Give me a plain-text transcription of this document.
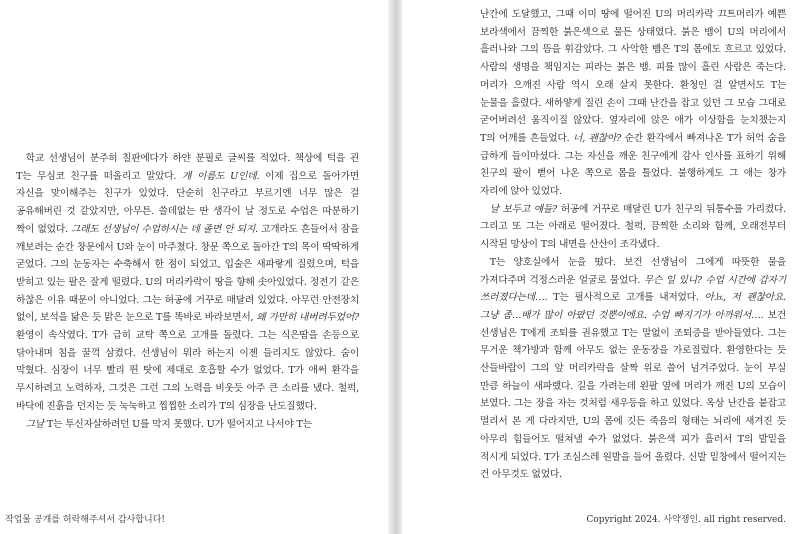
학교 선생님이 분주히 칠판에다가 하얀 분필로 글씨를 적었다. 책상에 턱을 괸 T는 무심코 친구를 떠올리고 말았다. 걔 이름도 U인데. 이제 집으로 돌아가면 자신을 맞이해주는 친구가 있었다. 단순히 친구라고 부르기엔 너무 많은 걸 공유해버린 것 같았지만, 아무튼. 쓸데없는 딴 생각이 날 정도로 수업은 따분하기 짝이 없었다. 그래도 선생님이 수업하시는 데 졸면 안 되지. 고개라도 흔들어서 잠을 깨보려는 순간 창문에서 U와 눈이 마주쳤다. 창문 쪽으로 돌아간 T의 목이 딱딱하게 굳었다. 그의 눈동자는 수축해서 한 점이 되었고, 입술은 새파랗게 질렸으며, 턱을 받히고 있는 팔은 잘게 떨렸다. U의 머리카락이 땅을 향해 솟아있었다. 정전기 같은 하찮은 이유 때문이 아니었다. 그는 허공에 거꾸로 매달려 있었다. 아무런 안전장치 없이, 보석을 닮은 듯 맑은 눈으로 T를 똑바로 바라보면서, 왜 가만히 내버려두었어? 환영이 속삭였다. T가 급히 교탁 쪽으로 고개를 돌렸다. 그는 식은땀을 손등으로 닦아내며 침을 꿀꺽 삼켰다. 선생님이 뭐라 하는지 이젠 들리지도 않았다. 숨이 막혔다. 심장이 너무 빨리 뛴 탓에 제대로 호흡할 수가 없었다. T가 애써 환각을 무시하려고 노력하자, 그것은 그런 그의 노력을 비웃듯 아주 큰 소리를 냈다. 철퍽, 바닥에 진흙을 던지는 듯 눅눅하고 찝찝한 소리가 T의 심장을 난도질했다.

그날 T는 투신자살하려던 U를 막지 못했다. U가 떨어지고 나서야 T는

작업물 공개를 허락해주셔서 감사합니다!

난간에 도달했고, 그때 이미 땅에 떨어진 U의 머리카락 끄트머리가 예쁜 보라색에서 끔찍한 붉은색으로 물든 상태였다. 붉은 뱀이 U의 머리에서 흘러나와 그의 뜸을 휘감았다. 그 사악한 뱀은 T의 몸에도 흐르고 있었다. 사람의 생명을 책임지는 피라는 붉은 뱀. 피를 많이 흘린 사람은 죽는다. 머리가 으깨진 사람 역시 오래 살지 못한다. 환청인 걸 알면서도 T는 눈물을 흘렸다. 새하얗게 질린 손이 그때 난간을 잡고 있던 그 모습 그대로 굳어버려선 움직이질 않았다. 옆자리에 앉은 애가 이상함을 눈치챘는지 T의 어깨를 흔들었다. 너, 괜찮아? 순간 환각에서 빠져나온 T가 허억 숨을 급하게 들이마셨다. 그는 자신을 깨운 친구에게 감사 인사를 표하기 위해 친구의 팔이 뻗어 나온 쪽으로 몸을 틀었다. 불행하게도 그 애는 창가 자리에 앉아 있었다.

날 보두고 얘들? 허공에 거꾸로 매달린 U가 친구의 뒤통수를 가리켰다. 그리고 또 그는 아래로 떨어졌다. 철퍽, 끔찍한 소리와 함께, 오래전부터 시작된 망상이 T의 내면을 산산이 조각냈다.

T는 양호실에서 눈을 떴다. 보건 선생님이 그에게 따뜻한 물을 가져다주며 걱정스러운 얼굴로 물었다. 무슨 일 있니? 수업 시간에 갑자기 쓰러졌다는데…. T는 필사적으로 고개를 내저었다. 아뇨, 저 괜찮아요. 그냥 좀…배가 많이 아팠던 것뿐이에요. 수업 빠지기가 아까워서…. 보건 선생님은 T에게 조퇴를 권유했고 T는 말없이 조퇴증을 받아들였다. 그는 무거운 책가방과 함께 아무도 없는 운동장을 가로질렀다. 환영한다는 듯 산들바람이 그의 앞 머리카락을 살짝 위로 쓸어 넘겨주었다. 눈이 부실 만큼 하늘이 새파랬다. 길을 가려는데 왼팔 옆에 머리가 깨진 U의 모습이 보였다. 그는 장을 자는 것처럼 새우등을 하고 있었다. 옥상 난간을 붙잡고 멀리서 본 게 다라지만, U의 몸에 깃든 죽음의 형태는 뇌리에 새겨진 듯 아무리 힘들어도 떨쳐낼 수가 없었다. 붉은색 피가 흘러서 T의 발밑을 적시게 되었다. T가 조심스레 원발을 들어 올렸다. 신발 밑창에서 떨어지는 건 아무것도 없었다.

Copyright 2024. 사약쟁인. all right reserved.
